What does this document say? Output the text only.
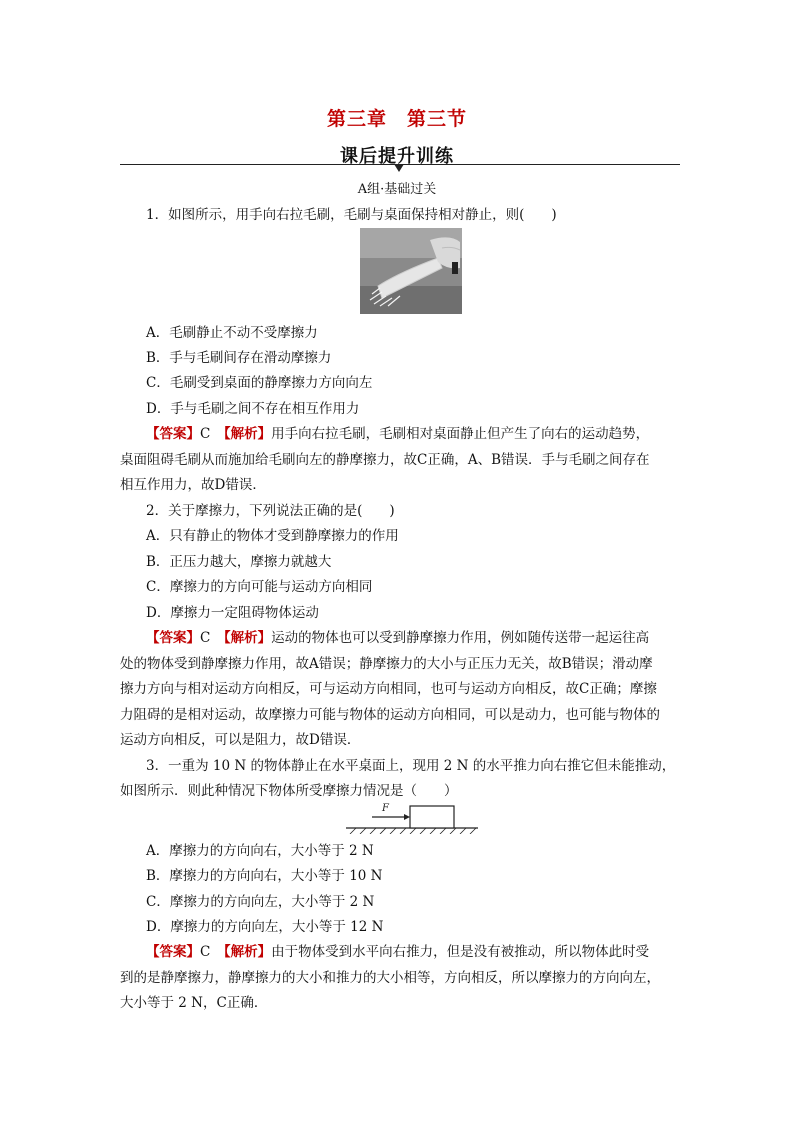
第三章　第三节
课后提升训练
A组·基础过关
1．如图所示，用手向右拉毛刷，毛刷与桌面保持相对静止，则(　　)
A．毛刷静止不动不受摩擦力
B．手与毛刷间存在滑动摩擦力
C．毛刷受到桌面的静摩擦力方向向左
D．手与毛刷之间不存在相互作用力
【答案】C　 【解析】用手向右拉毛刷，毛刷相对桌面静止但产生了向右的运动趋势，
桌面阻碍毛刷从而施加给毛刷向左的静摩擦力，故C正确，A、B错误．手与毛刷之间存在
相互作用力，故D错误．
2．关于摩擦力，下列说法正确的是(　　)
A．只有静止的物体才受到静摩擦力的作用
B．正压力越大，摩擦力就越大
C．摩擦力的方向可能与运动方向相同
D．摩擦力一定阻碍物体运动
【答案】C　 【解析】运动的物体也可以受到静摩擦力作用，例如随传送带一起运往高
处的物体受到静摩擦力作用，故A错误；静摩擦力的大小与正压力无关，故B错误；滑动摩
擦力方向与相对运动方向相反，可与运动方向相同，也可与运动方向相反，故C正确；摩擦
力阻碍的是相对运动，故摩擦力可能与物体的运动方向相同，可以是动力，也可能与物体的
运动方向相反，可以是阻力，故D错误．
3．一重为 10 N 的物体静止在水平桌面上，现用 2 N 的水平推力向右推它但未能推动，
如图所示．则此种情况下物体所受摩擦力情况是（　　）
F
A．摩擦力的方向向右，大小等于 2 N
B．摩擦力的方向向右，大小等于 10 N
C．摩擦力的方向向左，大小等于 2 N
D．摩擦力的方向向左，大小等于 12 N
【答案】C　 【解析】由于物体受到水平向右推力，但是没有被推动，所以物体此时受
到的是静摩擦力，静摩擦力的大小和推力的大小相等，方向相反，所以摩擦力的方向向左，
大小等于 2 N，C正确．
